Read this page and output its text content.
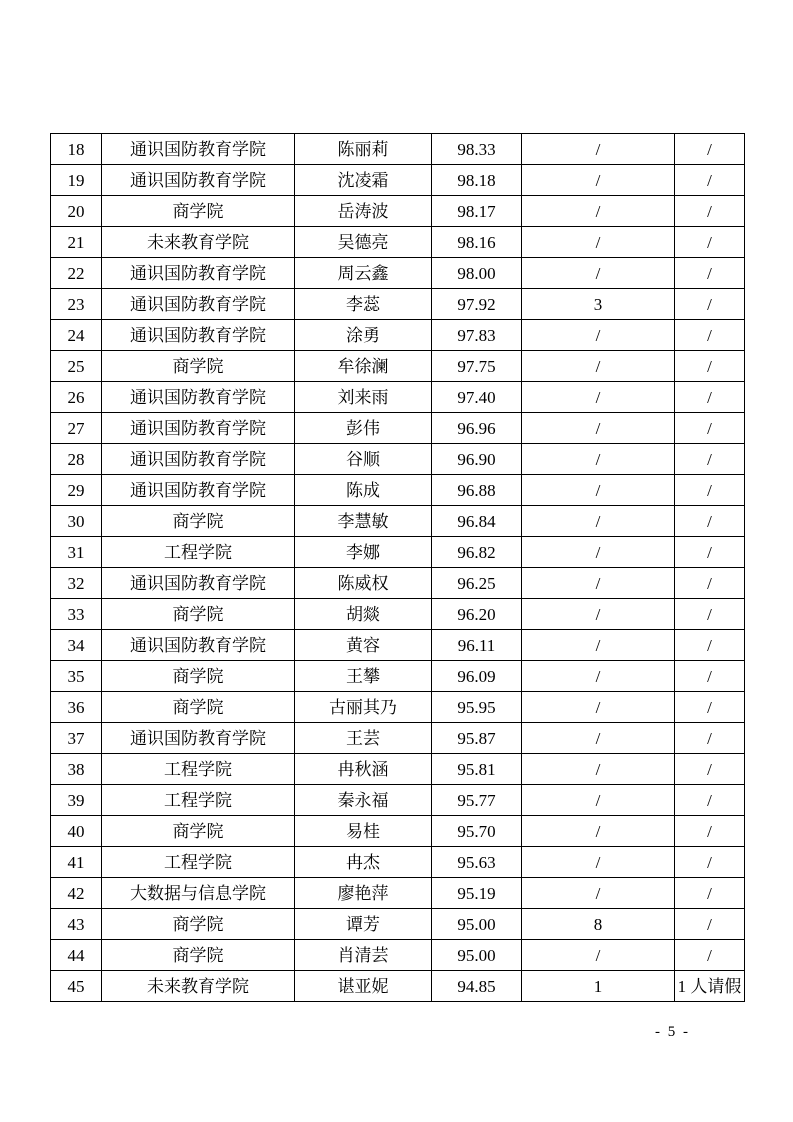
18	通识国防教育学院	陈丽莉	98.33	/	/
19	通识国防教育学院	沈凌霜	98.18	/	/
20	商学院	岳涛波	98.17	/	/
21	未来教育学院	吴德亮	98.16	/	/
22	通识国防教育学院	周云鑫	98.00	/	/
23	通识国防教育学院	李蕊	97.92	3	/
24	通识国防教育学院	涂勇	97.83	/	/
25	商学院	牟徐澜	97.75	/	/
26	通识国防教育学院	刘来雨	97.40	/	/
27	通识国防教育学院	彭伟	96.96	/	/
28	通识国防教育学院	谷顺	96.90	/	/
29	通识国防教育学院	陈成	96.88	/	/
30	商学院	李慧敏	96.84	/	/
31	工程学院	李娜	96.82	/	/
32	通识国防教育学院	陈威权	96.25	/	/
33	商学院	胡燚	96.20	/	/
34	通识国防教育学院	黄容	96.11	/	/
35	商学院	王攀	96.09	/	/
36	商学院	古丽其乃	95.95	/	/
37	通识国防教育学院	王芸	95.87	/	/
38	工程学院	冉秋涵	95.81	/	/
39	工程学院	秦永福	95.77	/	/
40	商学院	易桂	95.70	/	/
41	工程学院	冉杰	95.63	/	/
42	大数据与信息学院	廖艳萍	95.19	/	/
43	商学院	谭芳	95.00	8	/
44	商学院	肖清芸	95.00	/	/
45	未来教育学院	谌亚妮	94.85	1	1 人请假
- 5 -
